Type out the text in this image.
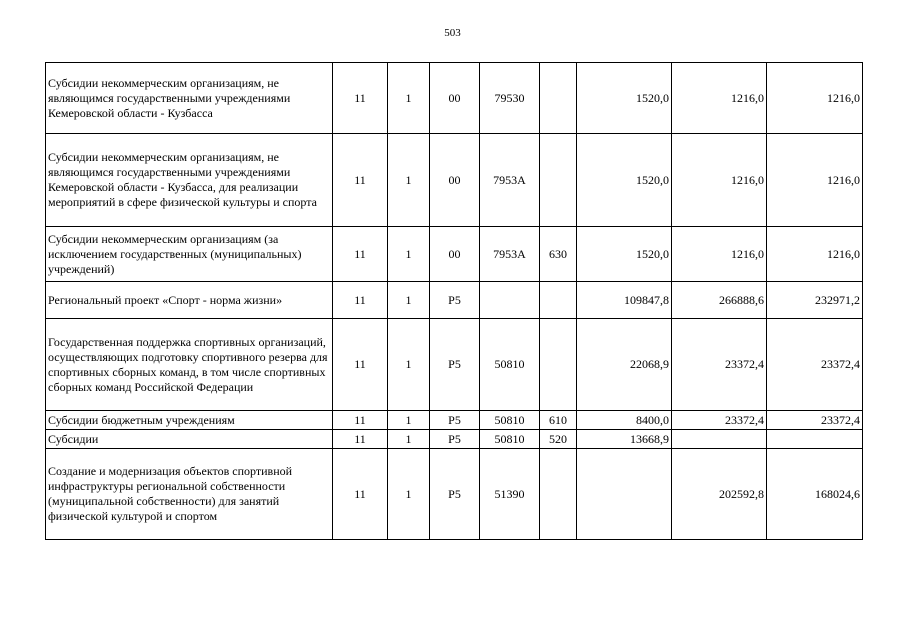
503
Субсидии некоммерческим организациям, не являющимся государственными учреждениями Кемеровской области - Кузбасса	11	1	00	79530		1520,0	1216,0	1216,0
Субсидии некоммерческим организациям, не являющимся государственными учреждениями Кемеровской области - Кузбасса, для реализации мероприятий в сфере физической культуры и спорта	11	1	00	7953А		1520,0	1216,0	1216,0
Субсидии некоммерческим организациям (за исключением государственных (муниципальных) учреждений)	11	1	00	7953А	630	1520,0	1216,0	1216,0
Региональный проект «Спорт - норма жизни»	11	1	P5			109847,8	266888,6	232971,2
Государственная поддержка спортивных организаций, осуществляющих подготовку спортивного резерва для спортивных сборных команд, в том числе спортивных сборных команд Российской Федерации	11	1	P5	50810		22068,9	23372,4	23372,4
Субсидии бюджетным учреждениям	11	1	P5	50810	610	8400,0	23372,4	23372,4
Субсидии	11	1	P5	50810	520	13668,9		
Создание и модернизация объектов спортивной инфраструктуры региональной собственности (муниципальной собственности) для занятий физической культурой и спортом	11	1	P5	51390			202592,8	168024,6
